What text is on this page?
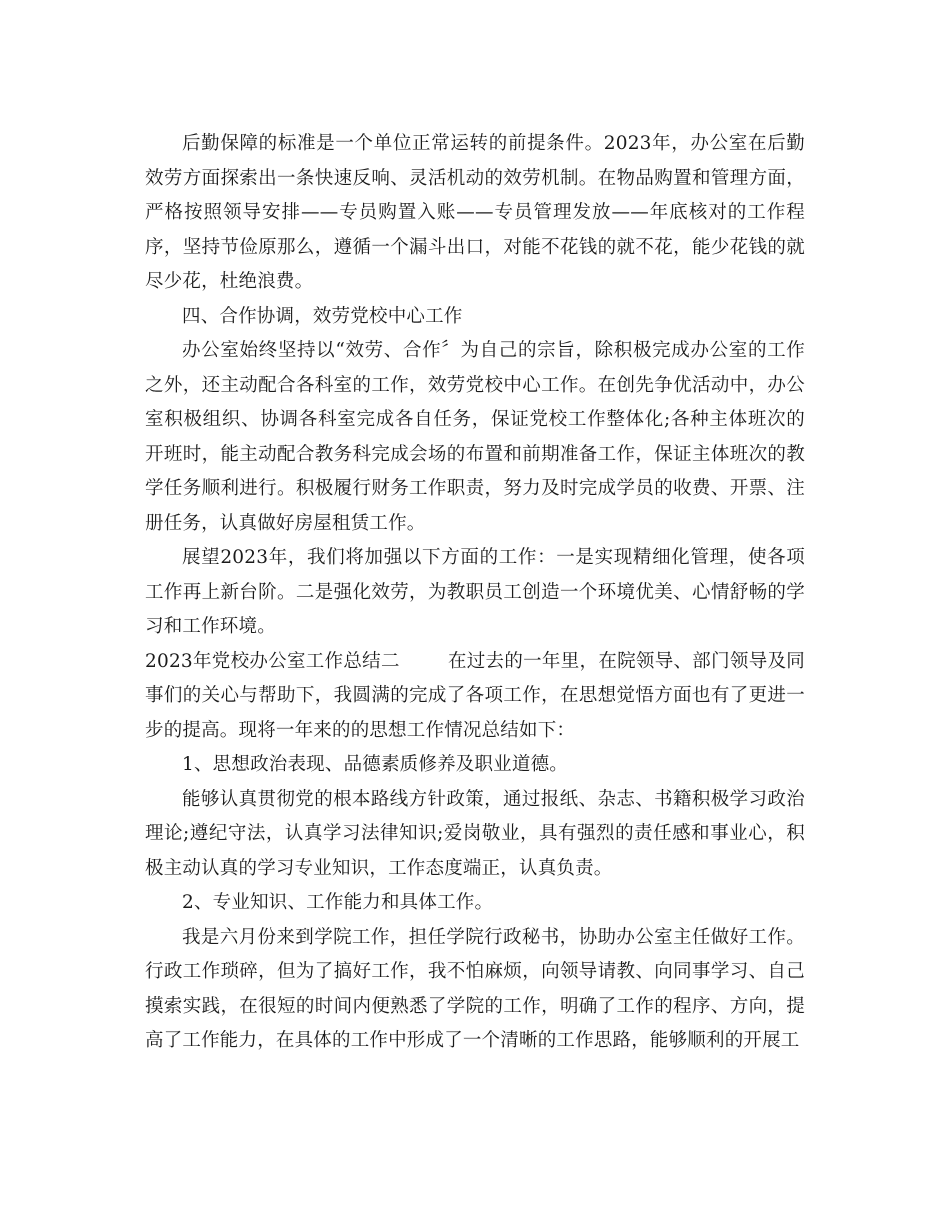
后勤保障的标准是一个单位正常运转的前提条件。2023年，办公室在后勤效劳方面探索出一条快速反响、灵活机动的效劳机制。在物品购置和管理方面，严格按照领导安排——专员购置入账——专员管理发放——年底核对的工作程序，坚持节俭原那么，遵循一个漏斗出口，对能不花钱的就不花，能少花钱的就尽少花，杜绝浪费。

四、合作协调，效劳党校中心工作

办公室始终坚持以“效劳、合作〞为自己的宗旨，除积极完成办公室的工作之外，还主动配合各科室的工作，效劳党校中心工作。在创先争优活动中，办公室积极组织、协调各科室完成各自任务，保证党校工作整体化;各种主体班次的开班时，能主动配合教务科完成会场的布置和前期准备工作，保证主体班次的教学任务顺利进行。积极履行财务工作职责，努力及时完成学员的收费、开票、注册任务，认真做好房屋租赁工作。

展望2023年，我们将加强以下方面的工作：一是实现精细化管理，使各项工作再上新台阶。二是强化效劳，为教职员工创造一个环境优美、心情舒畅的学习和工作环境。

2023年党校办公室工作总结二	在过去的一年里，在院领导、部门领导及同事们的关心与帮助下，我圆满的完成了各项工作，在思想觉悟方面也有了更进一步的提高。现将一年来的的思想工作情况总结如下：

1、思想政治表现、品德素质修养及职业道德。

能够认真贯彻党的根本路线方针政策，通过报纸、杂志、书籍积极学习政治理论;遵纪守法，认真学习法律知识;爱岗敬业，具有强烈的责任感和事业心，积极主动认真的学习专业知识，工作态度端正，认真负责。

2、专业知识、工作能力和具体工作。

我是六月份来到学院工作，担任学院行政秘书，协助办公室主任做好工作。行政工作琐碎，但为了搞好工作，我不怕麻烦，向领导请教、向同事学习、自己摸索实践，在很短的时间内便熟悉了学院的工作，明确了工作的程序、方向，提高了工作能力，在具体的工作中形成了一个清晰的工作思路，能够顺利的开展工
